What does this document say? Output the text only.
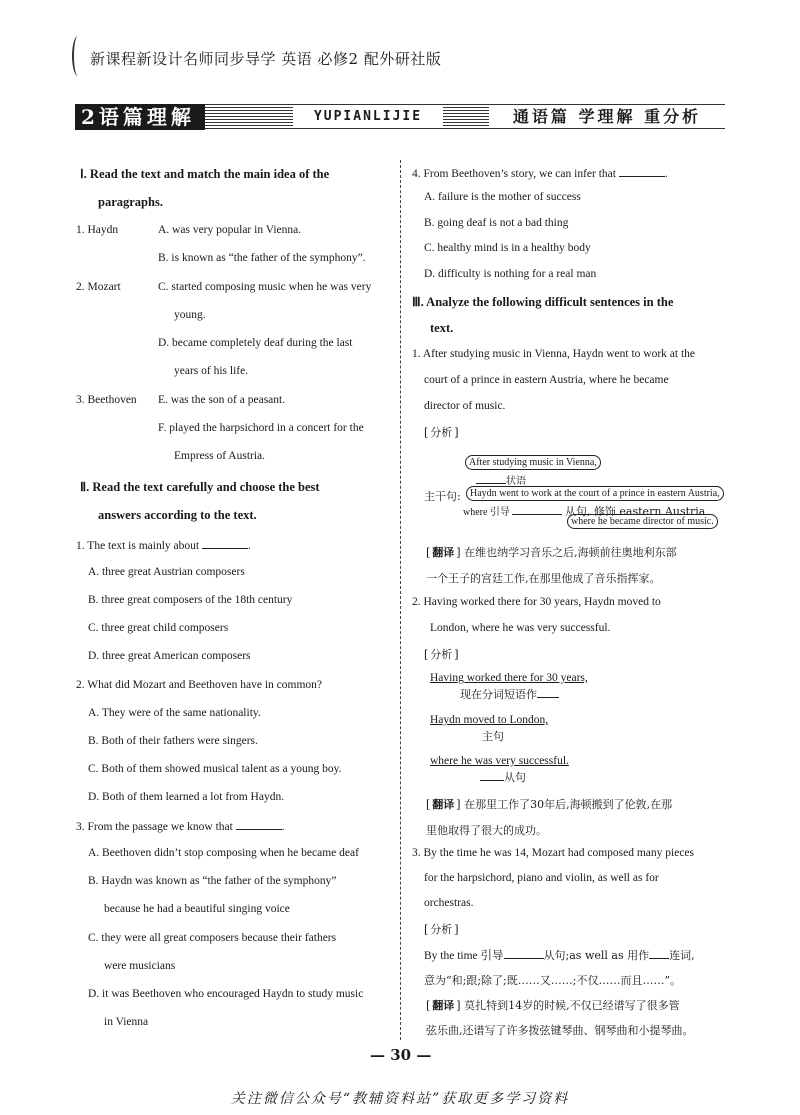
新课程新设计名师同步导学 英语 必修2 配外研社版
2语篇理解	YUPIANLIJIE	通语篇 学理解 重分析
Ⅰ. Read the text and match the main idea of the
paragraphs.
1. Haydn	A. was very popular in Vienna.
B. is known as “the father of the symphony”.
2. Mozart	C. started composing music when he was very
young.
D. became completely deaf during the last
years of his life.
3. Beethoven E. was the son of a peasant.
F. played the harpsichord in a concert for the
Empress of Austria.
Ⅱ. Read the text carefully and choose the best
answers according to the text.
1. The text is mainly about	.
A. three great Austrian composers
B. three great composers of the 18th century
C. three great child composers
D. three great American composers
2. What did Mozart and Beethoven have in common?
A. They were of the same nationality.
B. Both of their fathers were singers.
C. Both of them showed musical talent as a young boy.
D. Both of them learned a lot from Haydn.
3. From the passage we know that	.
A. Beethoven didn’t stop composing when he became deaf
B. Haydn was known as “the father of the symphony”
because he had a beautiful singing voice
C. they were all great composers because their fathers
were musicians
D. it was Beethoven who encouraged Haydn to study music
in Vienna
4. From Beethoven’s story, we can infer that	.
A. failure is the mother of success
B. going deaf is not a bad thing
C. healthy mind is in a healthy body
D. difficulty is nothing for a real man
Ⅲ. Analyze the following difficult sentences in the
text.
1. After studying music in Vienna, Haydn went to work at the
court of a prince in eastern Austria, where he became
director of music.
[ 分析 ]
After studying music in Vienna,
状语
主干句: Haydn went to work at the court of a prince in eastern Austria,
where 引导	从句, 修饰 eastern Austria
where he became director of music.
[ 翻译 ] 在维也纳学习音乐之后,海顿前往奥地利东部
一个王子的宫廷工作,在那里他成了音乐指挥家。
2. Having worked there for 30 years, Haydn moved to
London, where he was very successful.
[ 分析 ]
Having worked there for 30 years,
现在分词短语作
Haydn moved to London,
主句
where he was very successful.
从句
[ 翻译 ] 在那里工作了30年后,海顿搬到了伦敦,在那
里他取得了很大的成功。
3. By the time he was 14, Mozart had composed many pieces
for the harpsichord, piano and violin, as well as for
orchestras.
[ 分析 ]
By the time 引导	从句;as well as 用作 连词,
意为“和;跟;除了;既……又……;不仅……而且……”。
[ 翻译 ] 莫扎特到14岁的时候,不仅已经谱写了很多管
弦乐曲,还谱写了许多拨弦键琴曲、钢琴曲和小提琴曲。
— 30 —
关注微信公众号“教辅资料站”获取更多学习资料
